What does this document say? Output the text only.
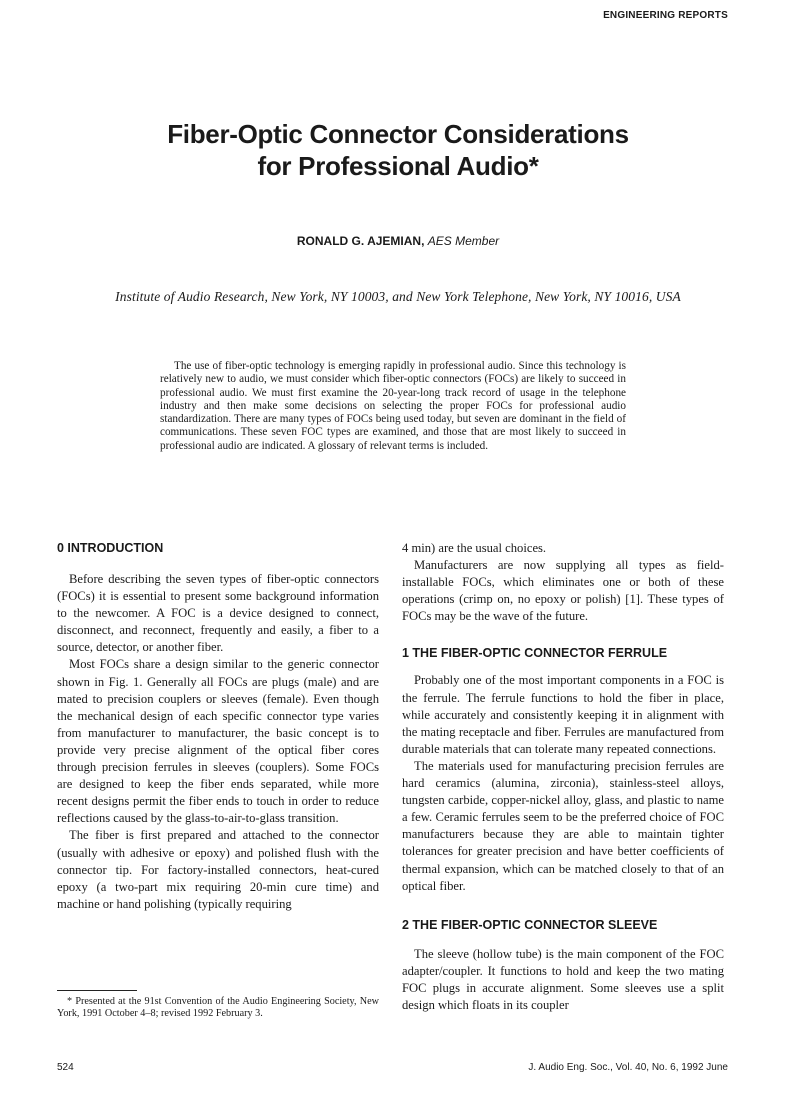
ENGINEERING REPORTS
Fiber-Optic Connector Considerations
for Professional Audio*
RONALD G. AJEMIAN, AES Member
Institute of Audio Research, New York, NY 10003, and New York Telephone, New York, NY 10016, USA
The use of fiber-optic technology is emerging rapidly in professional audio. Since this technology is relatively new to audio, we must consider which fiber-optic connectors (FOCs) are likely to succeed in professional audio. We must first examine the 20-year-long track record of usage in the telephone industry and then make some decisions on selecting the proper FOCs for professional audio standardization. There are many types of FOCs being used today, but seven are dominant in the field of communications. These seven FOC types are examined, and those that are most likely to succeed in professional audio are indicated. A glossary of relevant terms is included.
0 INTRODUCTION

Before describing the seven types of fiber-optic connectors (FOCs) it is essential to present some background information to the newcomer. A FOC is a device designed to connect, disconnect, and reconnect, frequently and easily, a fiber to a source, detector, or another fiber.

Most FOCs share a design similar to the generic connector shown in Fig. 1. Generally all FOCs are plugs (male) and are mated to precision couplers or sleeves (female). Even though the mechanical design of each specific connector type varies from manufacturer to manufacturer, the basic concept is to provide very precise alignment of the optical fiber cores through precision ferrules in sleeves (couplers). Some FOCs are designed to keep the fiber ends separated, while more recent designs permit the fiber ends to touch in order to reduce reflections caused by the glass-to-air-to-glass transition.

The fiber is first prepared and attached to the connector (usually with adhesive or epoxy) and polished flush with the connector tip. For factory-installed connectors, heat-cured epoxy (a two-part mix requiring 20-min cure time) and machine or hand polishing (typically requiring

4 min) are the usual choices.

Manufacturers are now supplying all types as field-installable FOCs, which eliminates one or both of these operations (crimp on, no epoxy or polish) [1]. These types of FOCs may be the wave of the future.

1 THE FIBER-OPTIC CONNECTOR FERRULE

Probably one of the most important components in a FOC is the ferrule. The ferrule functions to hold the fiber in place, while accurately and consistently keeping it in alignment with the mating receptacle and fiber. Ferrules are manufactured from durable materials that can tolerate many repeated connections.

The materials used for manufacturing precision ferrules are hard ceramics (alumina, zirconia), stainless-steel alloys, tungsten carbide, copper-nickel alloy, glass, and plastic to name a few. Ceramic ferrules seem to be the preferred choice of FOC manufacturers because they are able to maintain tighter tolerances for greater precision and have better coefficients of thermal expansion, which can be matched closely to that of an optical fiber.

2 THE FIBER-OPTIC CONNECTOR SLEEVE

The sleeve (hollow tube) is the main component of the FOC adapter/coupler. It functions to hold and keep the two mating FOC plugs in accurate alignment. Some sleeves use a split design which floats in its coupler

* Presented at the 91st Convention of the Audio Engineering Society, New York, 1991 October 4–8; revised 1992 February 3.
524	J. Audio Eng. Soc., Vol. 40, No. 6, 1992 June
